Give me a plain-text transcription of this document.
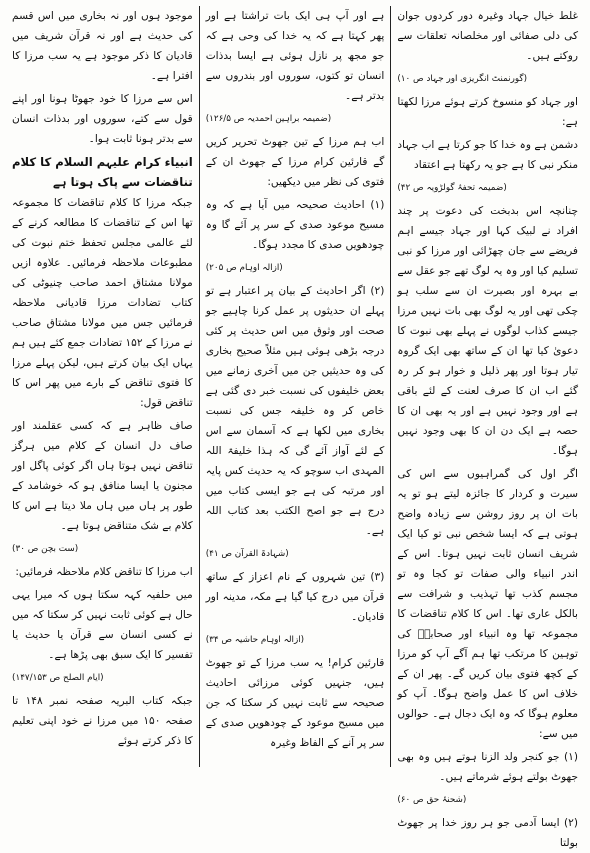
غلط خیال جہاد وغیرہ دور کردوں جوان کی دلی صفائی اور مخلصانہ تعلقات سے روکتے ہیں۔

(گورنمنٹ انگریزی اور جہاد ص ۱۰)

اور جہاد کو منسوخ کرتے ہوئے مرزا لکھتا ہے:

دشمن ہے وہ خدا کا جو کرتا ہے اب جہاد منکر نبی کا ہے جو یہ رکھتا ہے اعتقاد

(ضمیمہ تحفۂ گولڑویہ ص ۴۲)

چنانچہ اس بدبخت کی دعوت پر چند افراد نے لبیک کہا اور جہاد جیسے اہم فریضے سے جان چھڑائی اور مرزا کو نبی تسلیم کیا اور وہ یہ لوگ تھے جو عقل سے بے بہرہ اور بصیرت ان سے سلب ہو چکی تھی اور یہ لوگ بھی بات نہیں مرزا جیسے کذاب لوگوں نے پہلے بھی نبوت کا دعویٰ کیا تھا ان کے ساتھ بھی ایک گروہ تیار ہوتا اور پھر ذلیل و خوار ہو کر رہ گئے اب ان کا صرف لعنت کے لئے باقی ہے اور وجود نہیں ہے اور یہ بھی ان کا حصہ ہے ایک دن ان کا بھی وجود نہیں ہوگا۔

اگر اول کی گمراہیوں سے اس کی سیرت و کردار کا جائزہ لیتے ہو تو یہ بات ان پر روز روشن سے زیادہ واضح ہوتی ہے کہ ایسا شخص نبی تو کیا ایک شریف انسان ثابت نہیں ہوتا۔ اس کے اندر انبیاء والی صفات تو کجا وہ تو مجسم کذب تھا تہذیب و شرافت سے بالکل عاری تھا۔ اس کا کلام تناقضات کا مجموعہ تھا وہ انبیاء اور صحابہؓ کی توہین کا مرتکب تھا ہم آگے آپ کو مرزا کے کچھ فتوی بیان کریں گے۔ پھر ان کے خلاف اس کا عمل واضح ہوگا۔ آپ کو معلوم ہوگا کہ وہ ایک دجال ہے۔ حوالوں میں سے:

(۱) جو کنجر ولد الزنا ہوتے ہیں وہ بھی جھوٹ بولتے ہوئے شرماتے ہیں۔

(شحنۂ حق ص ۶۰)

(۲) ایسا آدمی جو ہر روز خدا پر جھوٹ بولتا

ہے اور آپ ہی ایک بات تراشتا ہے اور پھر کہتا ہے کہ یہ خدا کی وحی ہے کہ جو مجھ پر نازل ہوئی ہے ایسا بدذات انسان تو کتوں، سوروں اور بندروں سے بدتر ہے۔

(ضمیمہ براہین احمدیہ ص ۱۲۶/۵)

اب ہم مرزا کے تین جھوٹ تحریر کریں گے قارئین کرام مرزا کے جھوٹ ان کے فتوی کی نظر میں دیکھیں:

(۱) احادیث صحیحہ میں آیا ہے کہ وہ مسیح موعود صدی کے سر پر آئے گا وہ چودھویں صدی کا مجدد ہوگا۔

(ازالہ اوہام ص ۲۰۵)

(۲) اگر احادیث کے بیان پر اعتبار ہے تو پہلے ان حدیثوں پر عمل کرنا چاہیے جو صحت اور وثوق میں اس حدیث پر کئی درجہ بڑھی ہوئی ہیں مثلاً صحیح بخاری کی وہ حدیثیں جن میں آخری زمانے میں بعض خلیفوں کی نسبت خبر دی گئی ہے خاص کر وہ خلیفہ جس کی نسبت بخاری میں لکھا ہے کہ آسمان سے اس کے لئے آواز آئے گی کہ ہذا خلیفۃ اللہ المہدی اب سوچو کہ یہ حدیث کس پایہ اور مرتبہ کی ہے جو ایسی کتاب میں درج ہے جو اصح الکتب بعد کتاب اللہ ہے۔

(شہادۃ القرآن ص ۴۱)

(۳) تین شہروں کے نام اعزاز کے ساتھ قرآن میں درج کیا گیا ہے مکہ، مدینہ اور قادیان۔

(ازالہ اوہام حاشیہ ص ۳۴)

قارئین کرام! یہ سب مرزا کے تو جھوٹ ہیں، جنہیں کوئی مرزائی احادیث صحیحہ سے ثابت نہیں کر سکتا کہ جن میں مسیح موعود کے چودھویں صدی کے سر پر آنے کے الفاظ وغیرہ

موجود ہوں اور نہ بخاری میں اس قسم کی حدیث ہے اور نہ قرآن شریف میں قادیان کا ذکر موجود ہے یہ سب مرزا کا افترا ہے۔

اس سے مرزا کا خود جھوٹا ہونا اور اپنے قول سے کتے، سوروں اور بدذات انسان سے بدتر ہونا ثابت ہوا۔

انبیاء کرام علیہم السلام کا کلام تناقضات سے پاک ہوتا ہے

جبکہ مرزا کا کلام تناقضات کا مجموعہ تھا اس کے تناقضات کا مطالعہ کرنے کے لئے عالمی مجلس تحفظ ختم نبوت کی مطبوعات ملاحظہ فرمائیں۔ علاوہ ازیں مولانا مشتاق احمد صاحب چنیوٹی کی کتاب تضادات مرزا قادیانی ملاحظہ فرمائیں جس میں مولانا مشتاق صاحب نے مرزا کے ۱۵۲ تضادات جمع کئے ہیں ہم یہاں ایک بیان کرتے ہیں، لیکن پہلے مرزا کا فتوی تناقض کے بارے میں پھر اس کا تناقض قول:

صاف ظاہر ہے کہ کسی عقلمند اور صاف دل انسان کے کلام میں ہرگز تناقض نہیں ہوتا ہاں اگر کوئی پاگل اور مجنون یا ایسا منافق ہو کہ خوشامد کے طور پر ہاں میں ہاں ملا دیتا ہے اس کا کلام بے شک متناقض ہوتا ہے۔

(ست بچن ص ۳۰)

اب مرزا کا تناقض کلام ملاحظہ فرمائیں:

میں حلفیہ کہہ سکتا ہوں کہ میرا یہی حال ہے کوئی ثابت نہیں کر سکتا کہ میں نے کسی انسان سے قرآن یا حدیث یا تفسیر کا ایک سبق بھی پڑھا ہے۔

(ایام الصلح ص ۱۴۷/۱۵۳)

جبکہ کتاب البریہ صفحہ نمبر ۱۴۸ تا صفحہ ۱۵۰ میں مرزا نے خود اپنی تعلیم کا ذکر کرتے ہوئے
